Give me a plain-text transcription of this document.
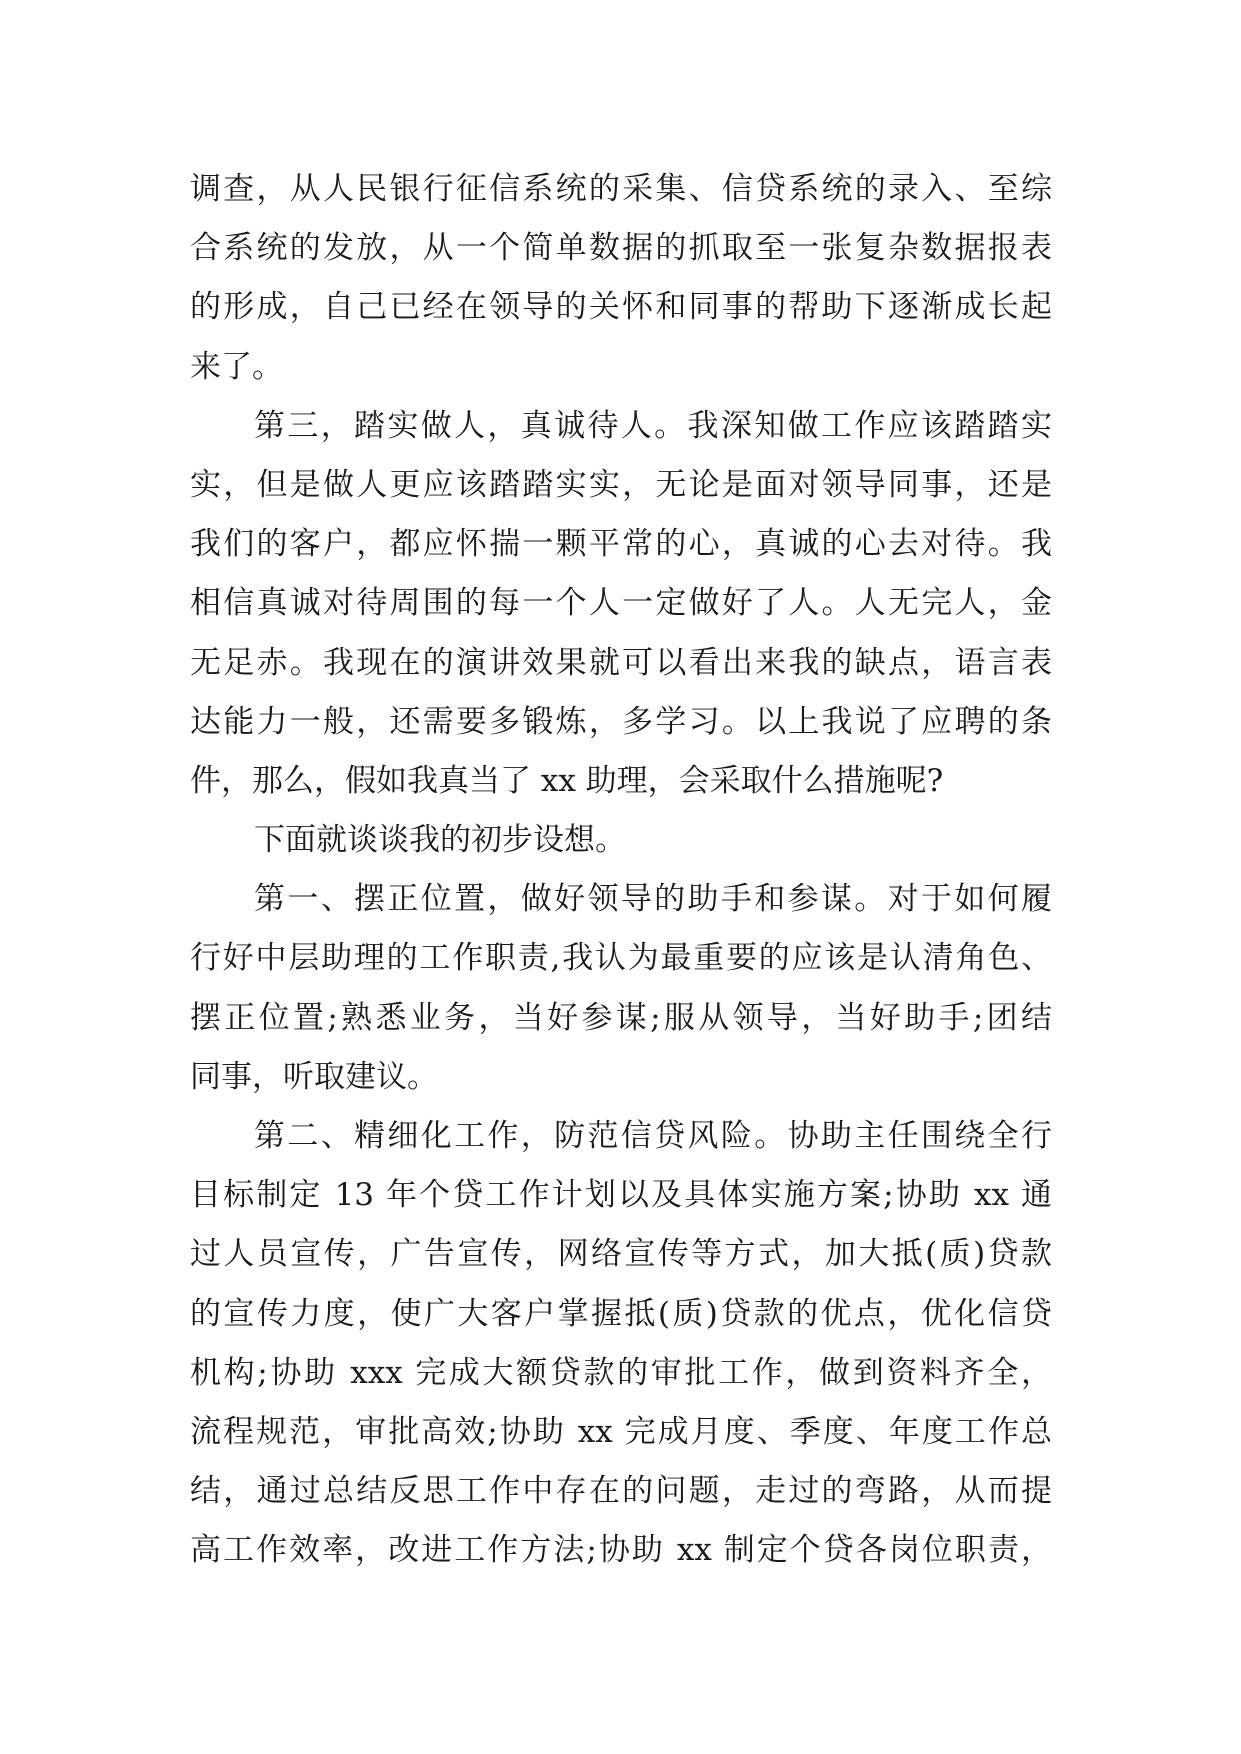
调查，从人民银行征信系统的采集、信贷系统的录入、至综
合系统的发放，从一个简单数据的抓取至一张复杂数据报表
的形成，自己已经在领导的关怀和同事的帮助下逐渐成长起
来了。
第三，踏实做人，真诚待人。我深知做工作应该踏踏实
实，但是做人更应该踏踏实实，无论是面对领导同事，还是
我们的客户，都应怀揣一颗平常的心，真诚的心去对待。我
相信真诚对待周围的每一个人一定做好了人。人无完人，金
无足赤。我现在的演讲效果就可以看出来我的缺点，语言表
达能力一般，还需要多锻炼，多学习。以上我说了应聘的条
件，那么，假如我真当了 xx 助理，会采取什么措施呢?
下面就谈谈我的初步设想。
第一、摆正位置，做好领导的助手和参谋。对于如何履
行好中层助理的工作职责,我认为最重要的应该是认清角色、
摆正位置;熟悉业务，当好参谋;服从领导，当好助手;团结
同事，听取建议。
第二、精细化工作，防范信贷风险。协助主任围绕全行
目标制定 13 年个贷工作计划以及具体实施方案;协助 xx 通
过人员宣传，广告宣传，网络宣传等方式，加大抵(质)贷款
的宣传力度，使广大客户掌握抵(质)贷款的优点，优化信贷
机构;协助 xxx 完成大额贷款的审批工作，做到资料齐全，
流程规范，审批高效;协助 xx 完成月度、季度、年度工作总
结，通过总结反思工作中存在的问题，走过的弯路，从而提
高工作效率，改进工作方法;协助 xx 制定个贷各岗位职责，
